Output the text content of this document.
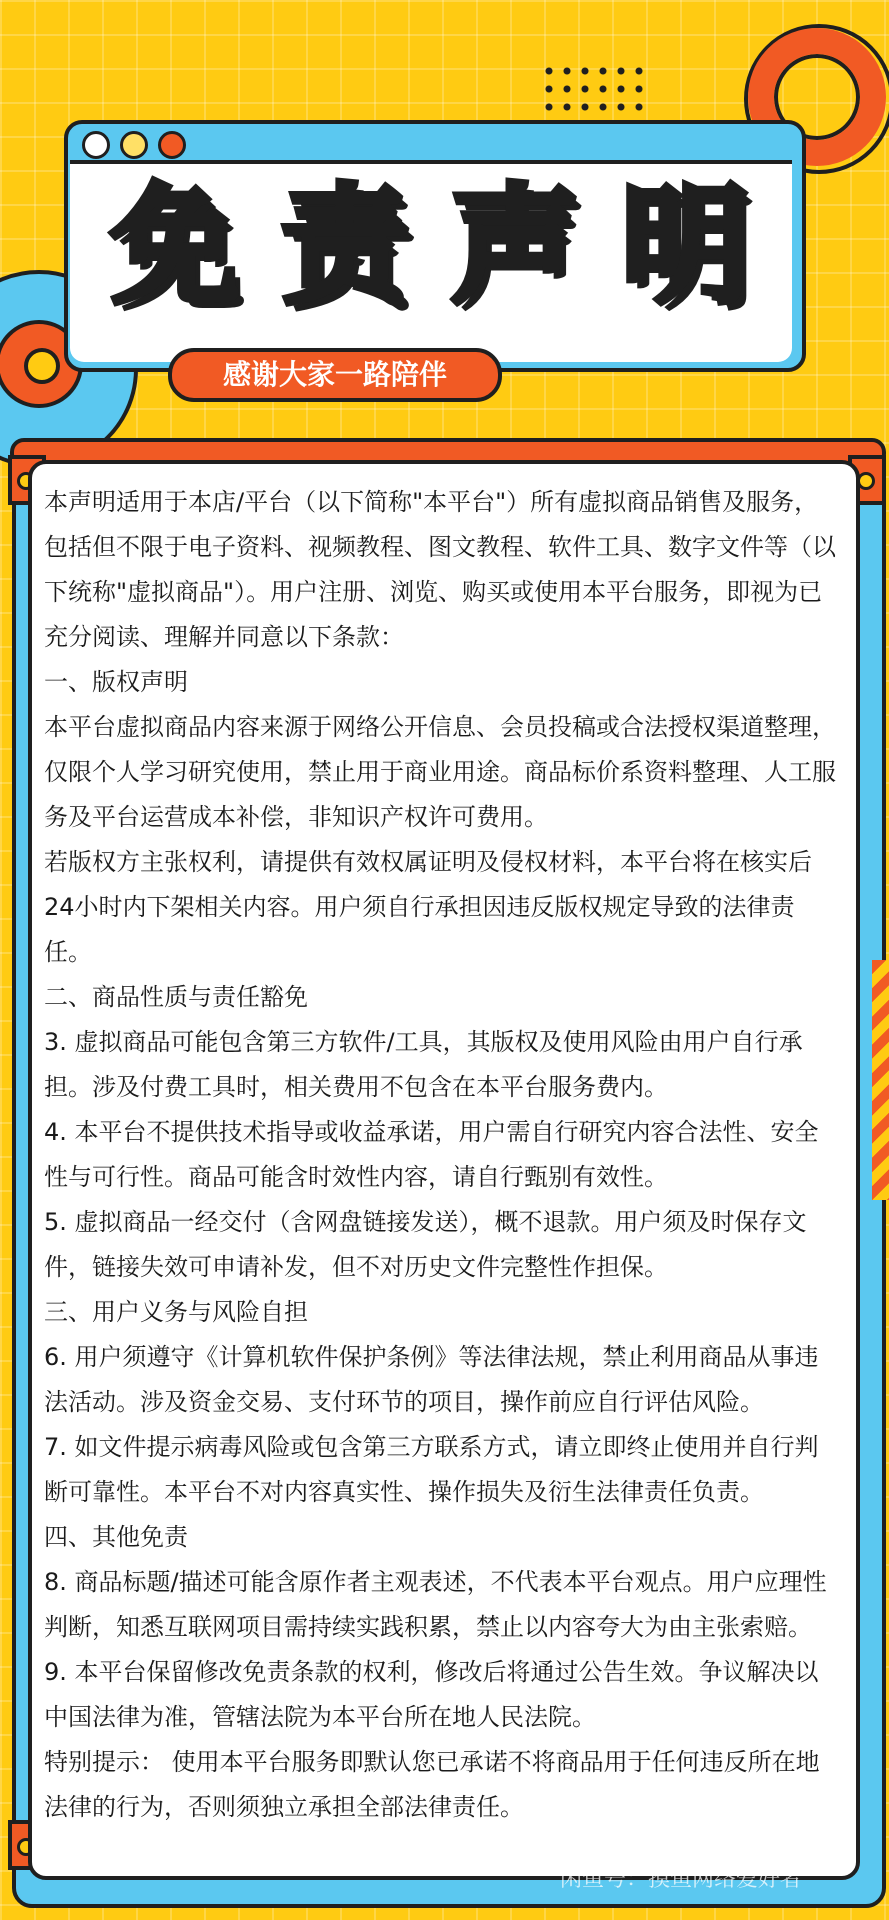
免责声明
感谢大家一路陪伴

本声明适用于本店/平台（以下简称"本平台"）所有虚拟商品销售及服务，包括但不限于电子资料、视频教程、图文教程、软件工具、数字文件等（以下统称"虚拟商品"）。用户注册、浏览、购买或使用本平台服务，即视为已充分阅读、理解并同意以下条款：

一、版权声明

本平台虚拟商品内容来源于网络公开信息、会员投稿或合法授权渠道整理，仅限个人学习研究使用，禁止用于商业用途。商品标价系资料整理、人工服务及平台运营成本补偿，非知识产权许可费用。

若版权方主张权利，请提供有效权属证明及侵权材料，本平台将在核实后24小时内下架相关内容。用户须自行承担因违反版权规定导致的法律责任。

二、商品性质与责任豁免

3. 虚拟商品可能包含第三方软件/工具，其版权及使用风险由用户自行承担。涉及付费工具时，相关费用不包含在本平台服务费内。

4. 本平台不提供技术指导或收益承诺，用户需自行研究内容合法性、安全性与可行性。商品可能含时效性内容，请自行甄别有效性。

5. 虚拟商品一经交付（含网盘链接发送），概不退款。用户须及时保存文件，链接失效可申请补发，但不对历史文件完整性作担保。

三、用户义务与风险自担

6. 用户须遵守《计算机软件保护条例》等法律法规，禁止利用商品从事违法活动。涉及资金交易、支付环节的项目，操作前应自行评估风险。

7. 如文件提示病毒风险或包含第三方联系方式，请立即终止使用并自行判断可靠性。本平台不对内容真实性、操作损失及衍生法律责任负责。

四、其他免责

8. 商品标题/描述可能含原作者主观表述，不代表本平台观点。用户应理性判断，知悉互联网项目需持续实践积累，禁止以内容夸大为由主张索赔。

9. 本平台保留修改免责条款的权利，修改后将通过公告生效。争议解决以中国法律为准，管辖法院为本平台所在地人民法院。

特别提示： 使用本平台服务即默认您已承诺不将商品用于任何违反所在地法律的行为，否则须独立承担全部法律责任。

闲鱼号：摸鱼网络爱好者
